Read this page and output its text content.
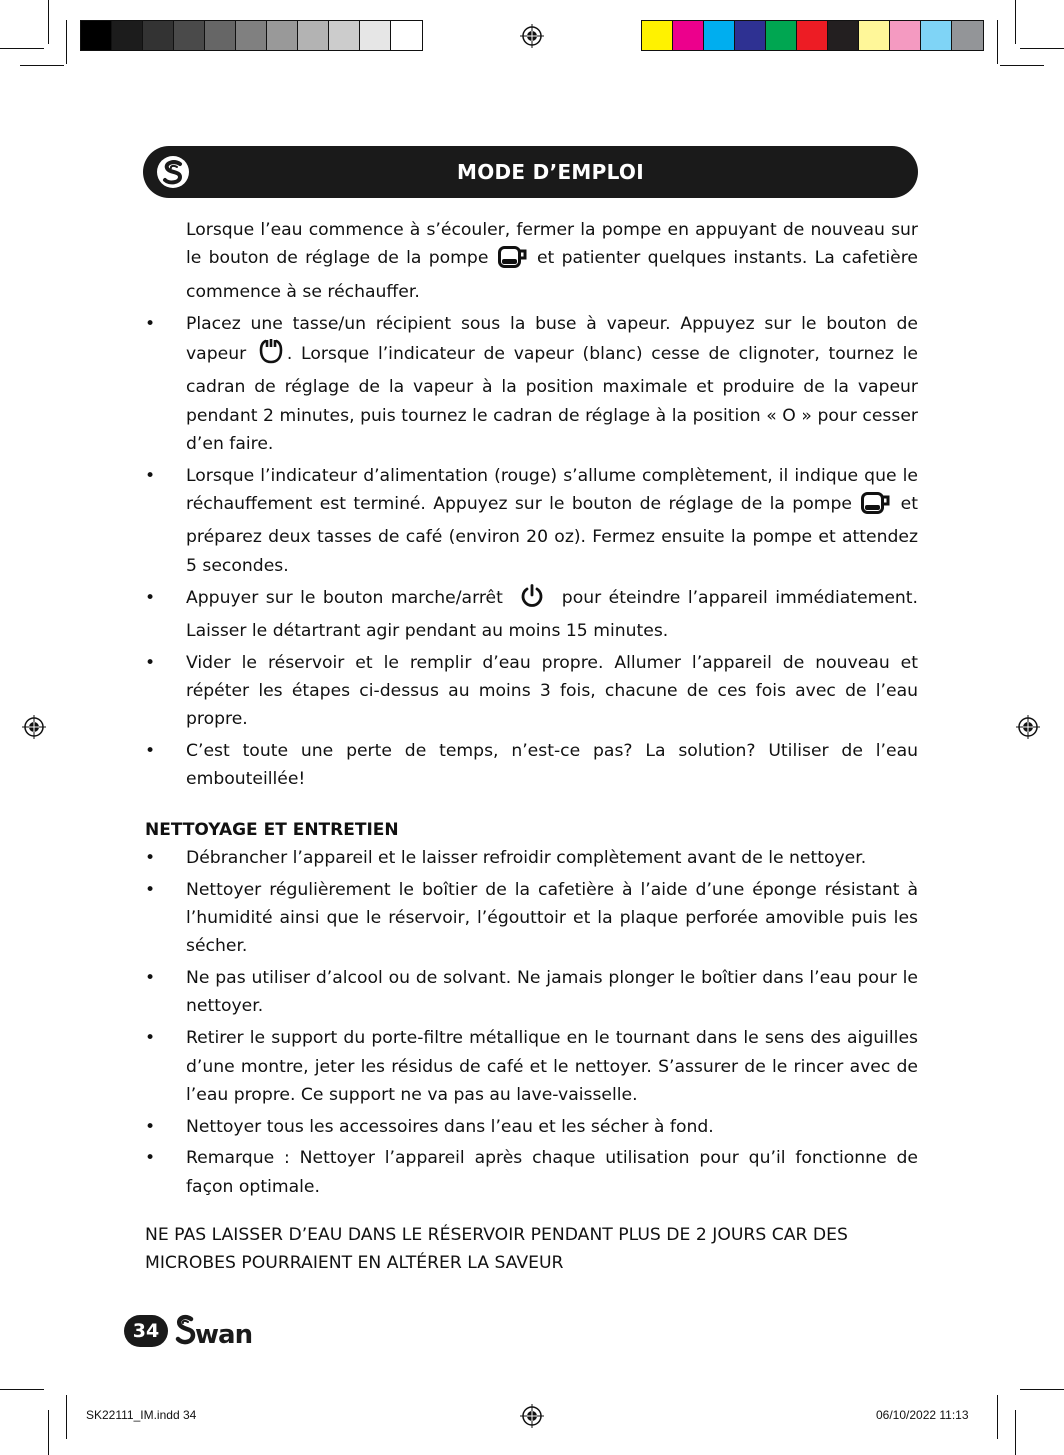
MODE D’EMPLOI

Lorsque l’eau commence à s’écouler, fermer la pompe en appuyant de nouveau sur le bouton de réglage de la pompe	et patienter quelques instants. La cafetière commence à se réchauffer.

• Placez une tasse/un récipient sous la buse à vapeur. Appuyez sur le bouton de vapeur . Lorsque l’indicateur de vapeur (blanc) cesse de clignoter, tournez le cadran de réglage de la vapeur à la position maximale et produire de la vapeur pendant 2 minutes, puis tournez le cadran de réglage à la position « O » pour cesser d’en faire.
• Lorsque l’indicateur d’alimentation (rouge) s’allume complètement, il indique que le réchauffement est terminé. Appuyez sur le bouton de réglage de la pompe	et préparez deux tasses de café (environ 20 oz). Fermez ensuite la pompe et attendez 5 secondes.
• Appuyer sur le bouton marche/arrêt	pour éteindre l’appareil immédiatement. Laisser le détartrant agir pendant au moins 15 minutes.
• Vider le réservoir et le remplir d’eau propre. Allumer l’appareil de nouveau et répéter les étapes ci-dessus au moins 3 fois, chacune de ces fois avec de l’eau propre.
• C’est toute une perte de temps, n’est-ce pas? La solution? Utiliser de l’eau embouteillée!
NETTOYAGE ET ENTRETIEN
• Débrancher l’appareil et le laisser refroidir complètement avant de le nettoyer.
• Nettoyer régulièrement le boîtier de la cafetière à l’aide d’une éponge résistant à l’humidité ainsi que le réservoir, l’égouttoir et la plaque perforée amovible puis les sécher.
• Ne pas utiliser d’alcool ou de solvant. Ne jamais plonger le boîtier dans l’eau pour le nettoyer.
• Retirer le support du porte-filtre métallique en le tournant dans le sens des aiguilles d’une montre, jeter les résidus de café et le nettoyer. S’assurer de le rincer avec de l’eau propre. Ce support ne va pas au lave-vaisselle.
• Nettoyer tous les accessoires dans l’eau et les sécher à fond.
• Remarque : Nettoyer l’appareil après chaque utilisation pour qu’il fonctionne de façon optimale.

NE PAS LAISSER D’EAU DANS LE RÉSERVOIR PENDANT PLUS DE 2 JOURS CAR DES MICROBES POURRAIENT EN ALTÉRER LA SAVEUR

34	wan
SK22111_IM.indd 34	06/10/2022 11:13
